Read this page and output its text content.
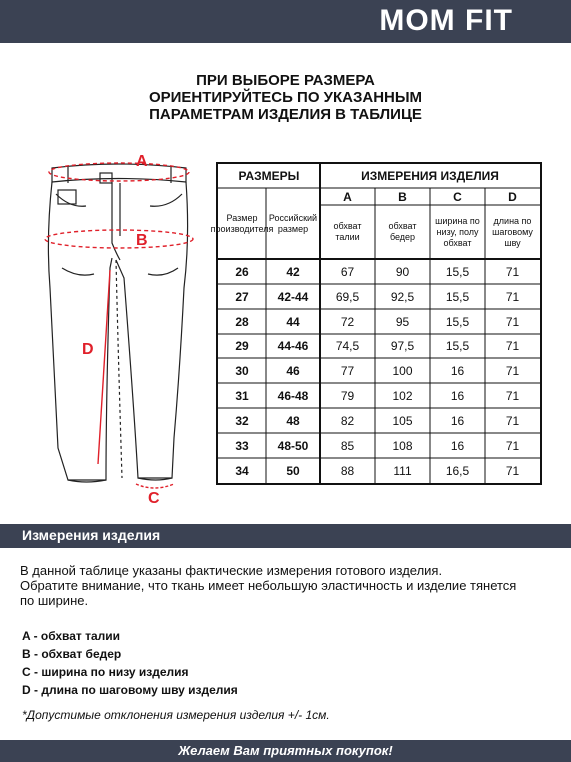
MOM FIT
ПРИ ВЫБОРЕ РАЗМЕРА
ОРИЕНТИРУЙТЕСЬ ПО УКАЗАННЫМ
ПАРАМЕТРАМ ИЗДЕЛИЯ В ТАБЛИЦЕ
A
B
D
C
РАЗМЕРЫ	ИЗМЕРЕНИЯ ИЗДЕЛИЯ
Размер производителя
Российский размер
A	B	C	D
обхват талии
обхват бедер
ширина по низу, полу обхват
длина по шаговому шву
26	42	67	90	15,5	71
27	42-44	69,5	92,5	15,5	71
28	44	72	95	15,5	71
29	44-46	74,5	97,5	15,5	71
30	46	77	100	16	71
31	46-48	79	102	16	71
32	48	82	105	16	71
33	48-50	85	108	16	71
34	50	88	111	16,5	71
Измерения изделия
В данной таблице указаны фактические измерения готового изделия.
Обратите внимание, что ткань имеет небольшую эластичность и изделие тянется
по ширине.
A - обхват талии
B - обхват бедер
C - ширина по низу изделия
D - длина по шаговому шву изделия
*Допустимые отклонения измерения изделия +/- 1см.
Желаем Вам приятных покупок!
